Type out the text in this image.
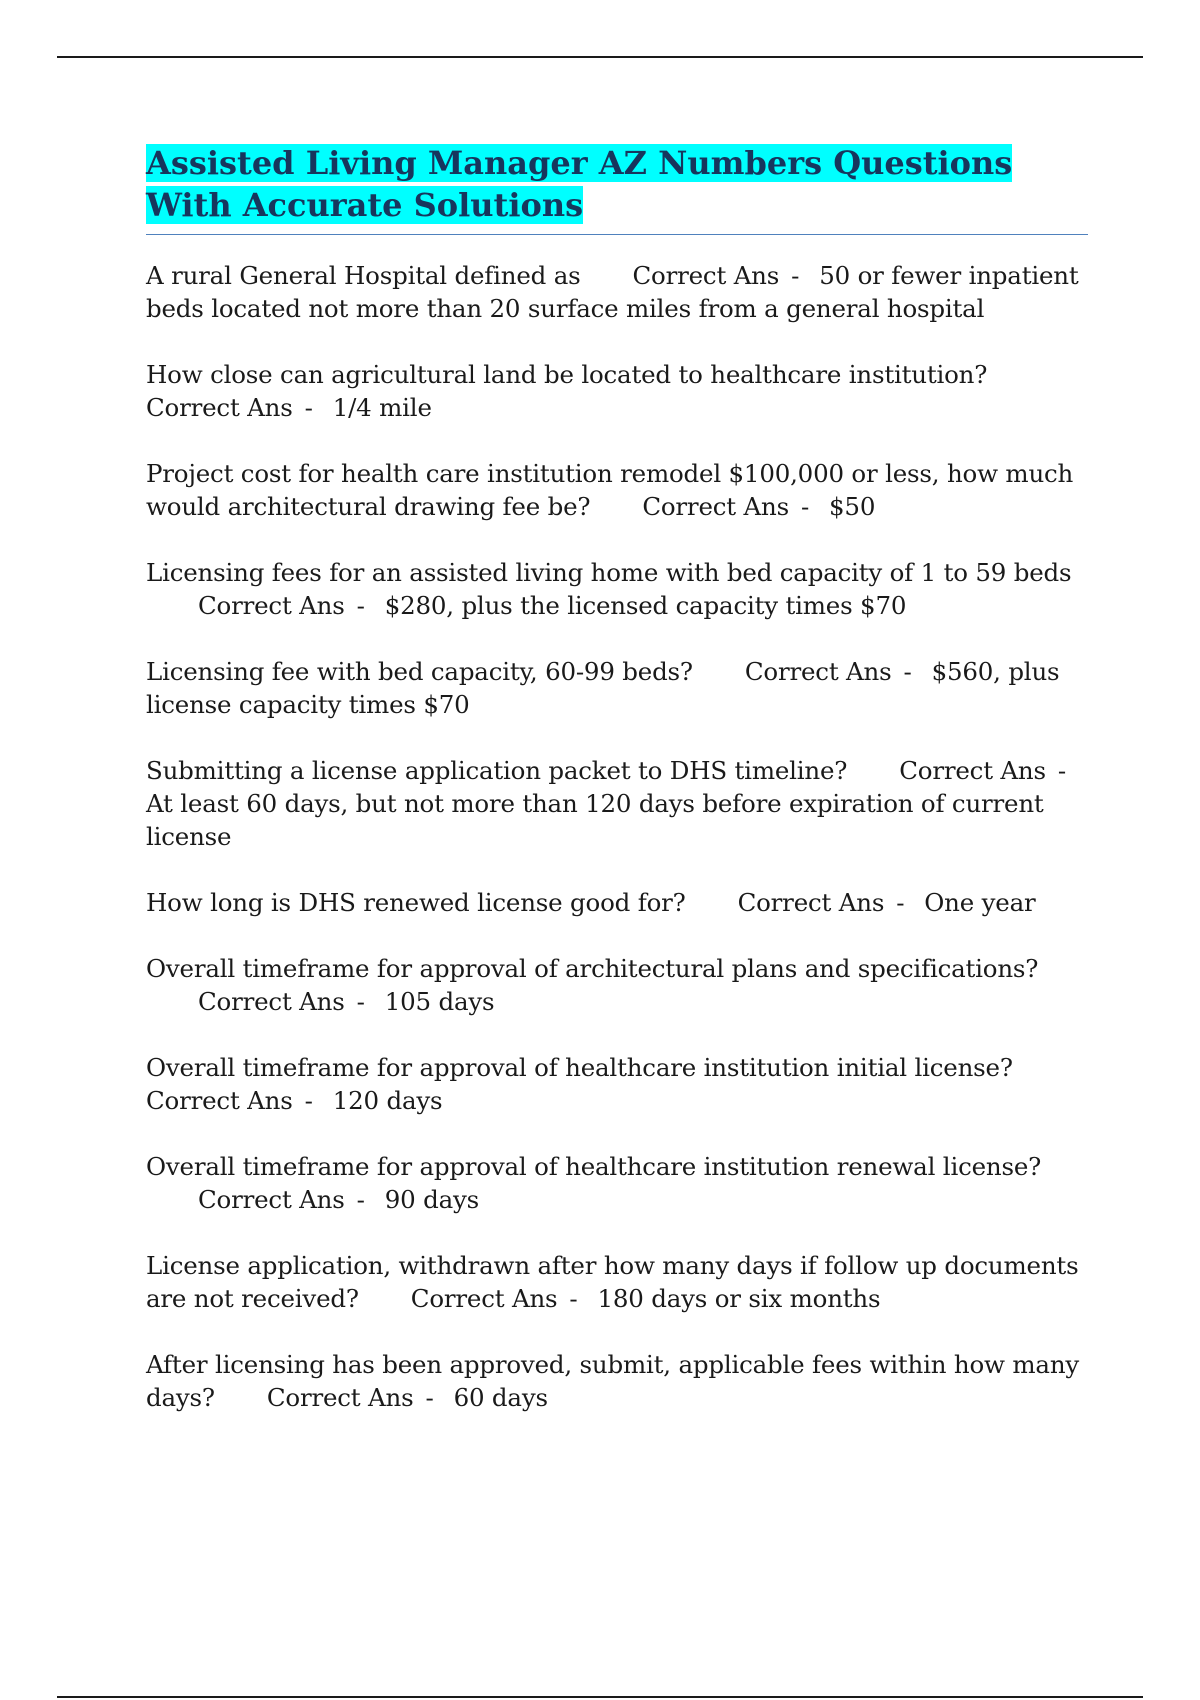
Assisted Living Manager AZ Numbers Questions With Accurate Solutions

A rural General Hospital defined as Correct Ans - 50 or fewer inpatient beds located not more than 20 surface miles from a general hospital

How close can agricultural land be located to healthcare institution?Correct Ans - 1/4 mile

Project cost for health care institution remodel $100,000 or less, how much would architectural drawing fee be? Correct Ans - $50

Licensing fees for an assisted living home with bed capacity of 1 to 59 bedsCorrect Ans - $280, plus the licensed capacity times $70

Licensing fee with bed capacity, 60-99 beds? Correct Ans - $560, plus license capacity times $70

Submitting a license application packet to DHS timeline? Correct Ans -At least 60 days, but not more than 120 days before expiration of current license

How long is DHS renewed license good for? Correct Ans - One year

Overall timeframe for approval of architectural plans and specifications?Correct Ans - 105 days

Overall timeframe for approval of healthcare institution initial license?Correct Ans - 120 days

Overall timeframe for approval of healthcare institution renewal license?Correct Ans - 90 days

License application, withdrawn after how many days if follow up documents are not received? Correct Ans - 180 days or six months

After licensing has been approved, submit, applicable fees within how many days? Correct Ans - 60 days
